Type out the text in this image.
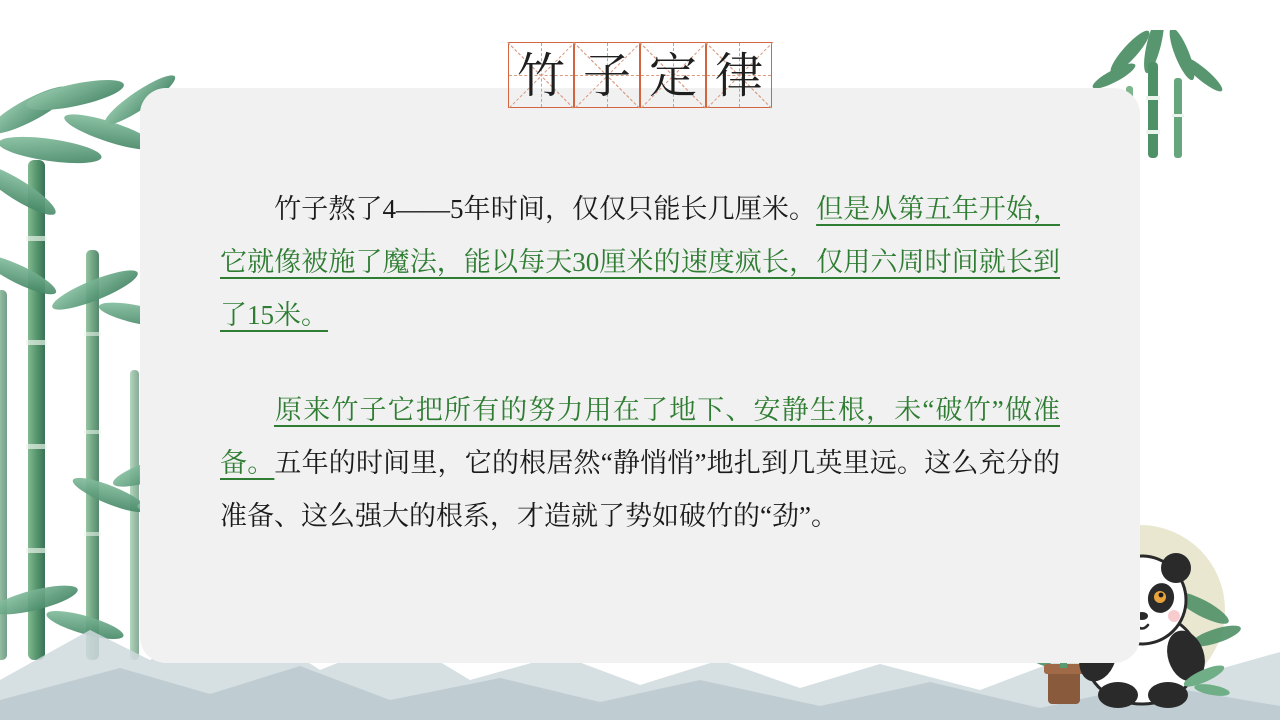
竹子熬了4——5年时间，仅仅只能长几厘米。但是从第五年开始，它就像被施了魔法，能以每天30厘米的速度疯长，仅用六周时间就长到了15米。

原来竹子它把所有的努力用在了地下、安静生根，未“破竹”做准备。五年的时间里，它的根居然“静悄悄”地扎到几英里远。这么充分的准备、这么强大的根系，才造就了势如破竹的“劲”。

竹 子 定 律
